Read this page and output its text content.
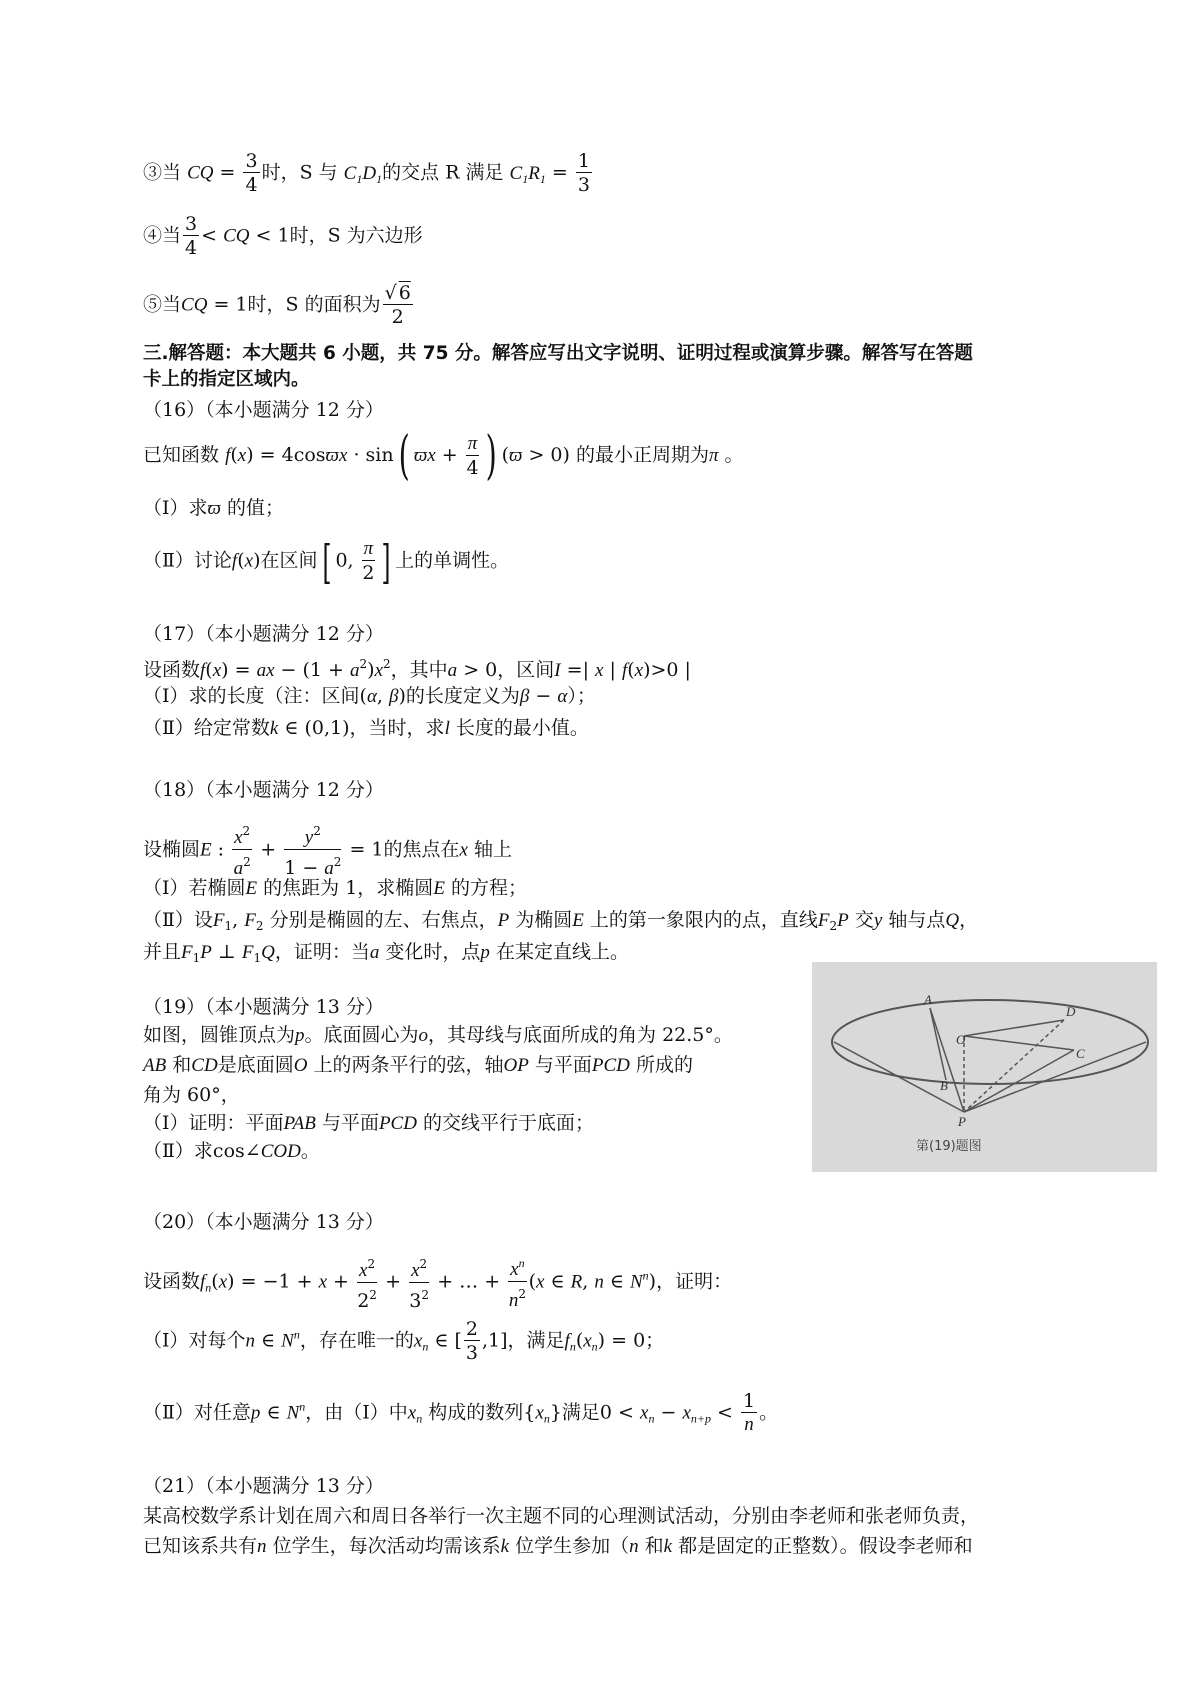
③当 CQ = $\frac{3}{4}$ 时，S 与 $C_1D_1$的交点 R 满足 $C_1R_1 = \frac{1}{3}$
④当 $\frac{3}{4}$ < CQ < 1时，S 为六边形
⑤当CQ = 1时，S 的面积为 $\frac{√ 6}{2}$
三.解答题：本大题共 6 小题，共 75 分。解答应写出文字说明、证明过程或演算步骤。解答写在答题
卡上的指定区域内。
（16）（本小题满分 12 分）
已知函数 f(x) = 4cosϖx · sin( $ϖx + \frac{\pi}{4}$ ) (ϖ > 0) 的最小正周期为π 。
（Ⅰ）求ϖ 的值；
（Ⅱ）讨论f(x)在区间[ 0, $\frac{\pi}{2}$ ] 上的单调性。
（17）（本小题满分 12 分）
设函数f(x) = ax − $(1 + a^2)x^2$，其中a > 0，区间I =| x | f(x)>0 |
（Ⅰ）求的长度（注：区间(α, β)的长度定义为β − α）；
（Ⅱ）给定常数k ∈ (0,1)，当时，求l 长度的最小值。
（18）（本小题满分 12 分）
设椭圆E : $\frac{x^2}{a^2} + \frac{y^2}{1 - a^2} = 1$的焦点在x 轴上
（Ⅰ）若椭圆E 的焦距为 1，求椭圆E 的方程；
（Ⅱ）设$F_1$, $F_2$ 分别是椭圆的左、右焦点，P 为椭圆E 上的第一象限内的点，直线$F_2P$ 交y 轴与点Q，
并且$F_1P$ ⊥ $F_1Q$，证明：当a 变化时，点p 在某定直线上。
（19）（本小题满分 13 分）
如图，圆锥顶点为p。底面圆心为o，其母线与底面所成的角为 22.5°。
AB 和CD是底面圆O 上的两条平行的弦，轴OP 与平面PCD 所成的
角为 60°，
（Ⅰ）证明：平面PAB 与平面PCD 的交线平行于底面；
（Ⅱ）求cos∠COD。
A
D
O
C
B
P
第(19)题图
（20）（本小题满分 13 分）
设函数$f_n(x) = -1 + x + \frac{x^2}{2^2} + \frac{x^2}{3^2}$ + … + $\frac{x^n}{n^2} (x$ ∈ R, n ∈ $N^n$)，证明：
（Ⅰ）对每个n ∈ $N^n$，存在唯一的$x_n$ ∈ [ $\frac{2}{3} ,1$]，满足$f_n(x_n) = 0$；
（Ⅱ）对任意p ∈ $N^n$，由（Ⅰ）中$x_n$ 构成的数列$\{x_n\}$满足$0 < x_n - x_{n+p} < \frac{1}{n}$ 。
（21）（本小题满分 13 分）
某高校数学系计划在周六和周日各举行一次主题不同的心理测试活动，分别由李老师和张老师负责，
已知该系共有n 位学生，每次活动均需该系k 位学生参加（n 和k 都是固定的正整数）。假设李老师和
